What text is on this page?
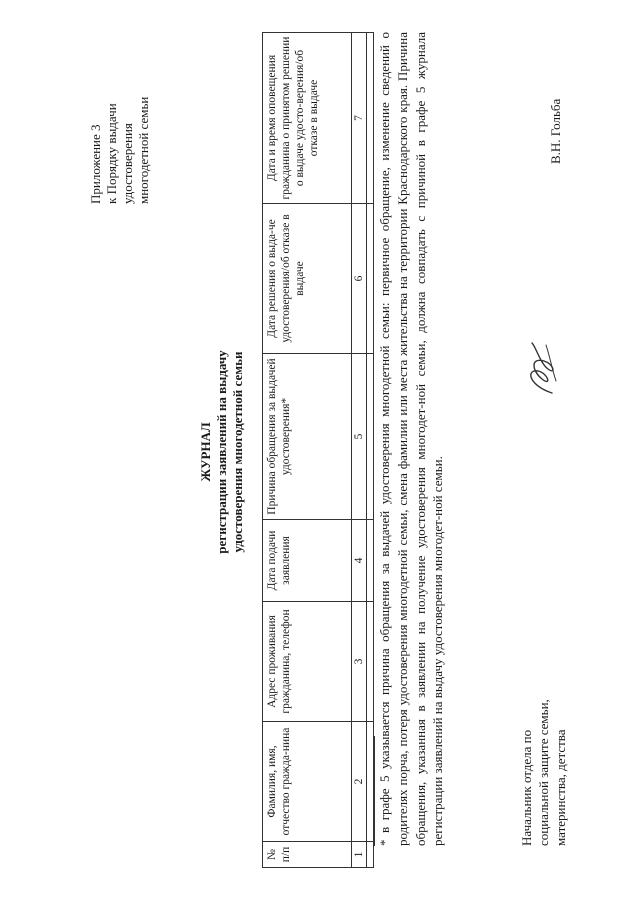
Приложение 3 к Порядку выдачи удостоверения многодетной семьи
ЖУРНАЛ регистрации заявлений на выдачу удостоверения многодетной семьи
№ п/п	Фамилия, имя, отчество гражда-нина	Адрес проживания гражданина, телефон	Дата подачи заявления	Причина обращения за выдачей удостоверения*	Дата решения о выда-че удостоверения/об отказе в выдаче	Дата и время оповещения гражданина о принятом решении о выдаче удосто-верения/об отказе в выдаче
1	2	3	4	5	6	7
						* в графе 5 указывается причина обращения за выдачей удостоверения многодетной семьи: первичное обращение, изменение сведений о родителях порча, потеря удостоверения многодетной семьи, смена фамилии или места жительства на территории Краснодарского края. Причина обращения, указанная в заявлении на получение удостоверения многодет-ной семьи, должна совпадать с причиной в графе 5 журнала регистрации заявлений на выдачу удостоверения многодет-ной семьи.	Начальник отдела по социальной защите семьи, материнства, детства
В.Н. Гольба
